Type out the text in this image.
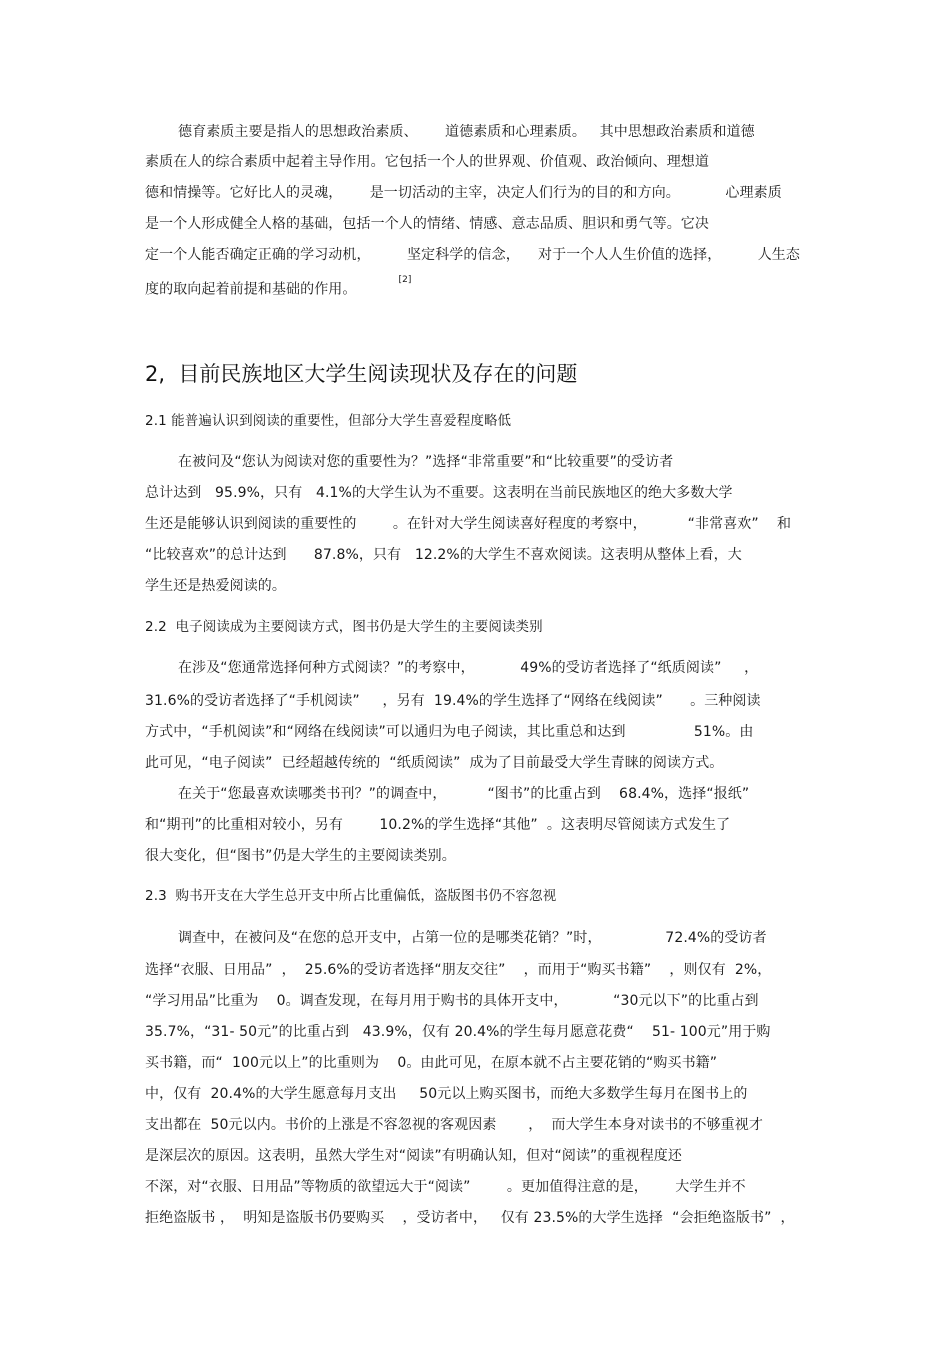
德育素质主要是指人的思想政治素质、      道德素质和心理素质。   其中思想政治素质和道德
素质在人的综合素质中起着主导作用。它包括一个人的世界观、价值观、政治倾向、理想道
德和情操等。它好比人的灵魂，      是一切活动的主宰，决定人们行为的目的和方向。          心理素质
是一个人形成健全人格的基础，包括一个人的情绪、情感、意志品质、胆识和勇气等。它决
定一个人能否确定正确的学习动机，        坚定科学的信念，    对于一个人人生价值的选择，        人生态
度的取向起着前提和基础的作用。[2]
2,  目前民族地区大学生阅读现状及存在的问题
2.1 能普遍认识到阅读的重要性，但部分大学生喜爱程度略低
在被问及“您认为阅读对您的重要性为？”选择“非常重要”和“比较重要”的受访者
总计达到   95.9%，只有   4.1%的大学生认为不重要。这表明在当前民族地区的绝大多数大学
生还是能够认识到阅读的重要性的        。在针对大学生阅读喜好程度的考察中，         “非常喜欢”    和
“比较喜欢”的总计达到      87.8%，只有   12.2%的大学生不喜欢阅读。这表明从整体上看，大
学生还是热爱阅读的。
2.2  电子阅读成为主要阅读方式，图书仍是大学生的主要阅读类别
在涉及“您通常选择何种方式阅读？”的考察中，          49%的受访者选择了“纸质阅读”     ，
31.6%的受访者选择了“手机阅读”     ，另有  19.4%的学生选择了“网络在线阅读”      。三种阅读
方式中，“手机阅读”和“网络在线阅读”可以通归为电子阅读，其比重总和达到               51%。由
此可见，“电子阅读”  已经超越传统的  “纸质阅读”  成为了目前最受大学生青睐的阅读方式。
在关于“您最喜欢读哪类书刊？”的调查中，         “图书”的比重占到    68.4%，选择“报纸”
和“期刊”的比重相对较小，另有        10.2%的学生选择“其他”  。这表明尽管阅读方式发生了
很大变化，但“图书”仍是大学生的主要阅读类别。
2.3  购书开支在大学生总开支中所占比重偏低，盗版图书仍不容忽视
调查中，在被问及“在您的总开支中，占第一位的是哪类花销？”时，              72.4%的受访者
选择“衣服、日用品”  ，  25.6%的受访者选择“朋友交往”    ，而用于“购买书籍”    ，则仅有  2%，
“学习用品”比重为    0。调查发现，在每月用于购书的具体开支中，          “30元以下”的比重占到
35.7%，“31- 50元”的比重占到   43.9%，仅有 20.4%的学生每月愿意花费“    51- 100元”用于购
买书籍，而“  100元以上”的比重则为    0。由此可见，在原本就不占主要花销的“购买书籍”
中，仅有  20.4%的大学生愿意每月支出     50元以上购买图书，而绝大多数学生每月在图书上的
支出都在  50元以内。书价的上涨是不容忽视的客观因素       ，  而大学生本身对读书的不够重视才
是深层次的原因。这表明，虽然大学生对“阅读”有明确认知，但对“阅读”的重视程度还
不深，对“衣服、日用品”等物质的欲望远大于“阅读”        。更加值得注意的是，      大学生并不
拒绝盗版书 ，  明知是盗版书仍要购买    ，受访者中，   仅有 23.5%的大学生选择  “会拒绝盗版书”  ，
